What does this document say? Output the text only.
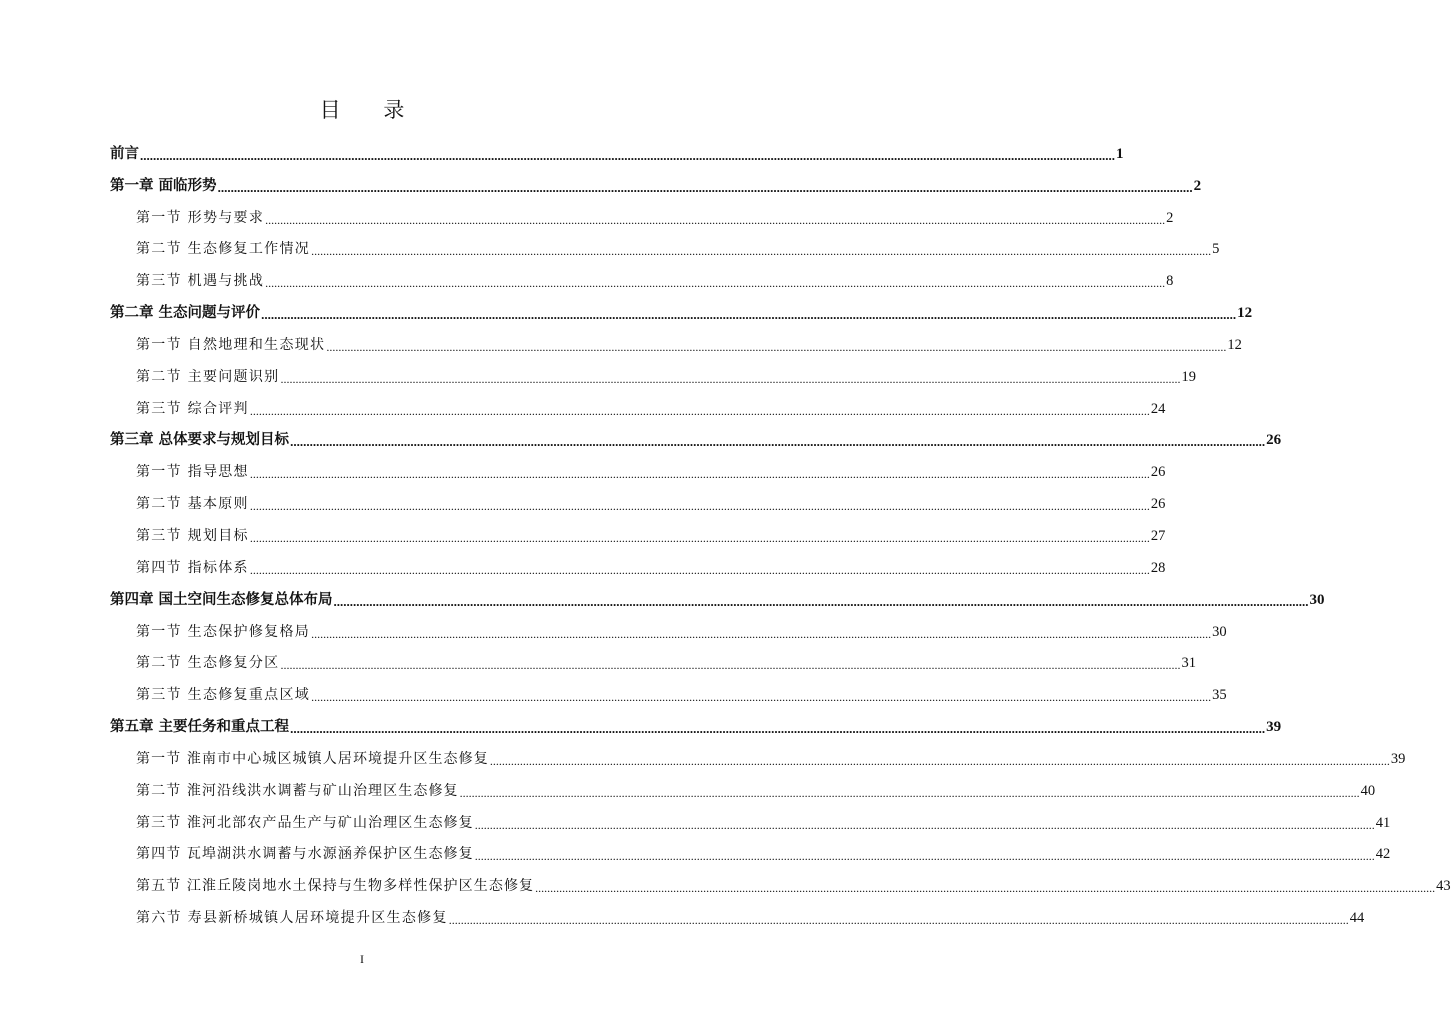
目 录
前言 ............................................................................................................................................................................................................................................................................................................ 1
第一章 面临形势 ............................................................................................................................................................................................................................................................................................................ 2
第一节 形势与要求 ............................................................................................................................................................................................................................................................................................................ 2
第二节 生态修复工作情况 ............................................................................................................................................................................................................................................................................................................ 5
第三节 机遇与挑战 ............................................................................................................................................................................................................................................................................................................ 8
第二章 生态问题与评价 ............................................................................................................................................................................................................................................................................................................ 12
第一节 自然地理和生态现状 ............................................................................................................................................................................................................................................................................................................ 12
第二节 主要问题识别 ............................................................................................................................................................................................................................................................................................................ 19
第三节 综合评判 ............................................................................................................................................................................................................................................................................................................ 24
第三章 总体要求与规划目标 ............................................................................................................................................................................................................................................................................................................ 26
第一节 指导思想 ............................................................................................................................................................................................................................................................................................................ 26
第二节 基本原则 ............................................................................................................................................................................................................................................................................................................ 26
第三节 规划目标 ............................................................................................................................................................................................................................................................................................................ 27
第四节 指标体系 ............................................................................................................................................................................................................................................................................................................ 28
第四章 国土空间生态修复总体布局 ............................................................................................................................................................................................................................................................................................................ 30
第一节 生态保护修复格局 ............................................................................................................................................................................................................................................................................................................ 30
第二节 生态修复分区 ............................................................................................................................................................................................................................................................................................................ 31
第三节 生态修复重点区域 ............................................................................................................................................................................................................................................................................................................ 35
第五章 主要任务和重点工程 ............................................................................................................................................................................................................................................................................................................ 39
第一节 淮南市中心城区城镇人居环境提升区生态修复 ............................................................................................................................................................................................................................................................................................................ 39
第二节 淮河沿线洪水调蓄与矿山治理区生态修复 ............................................................................................................................................................................................................................................................................................................ 40
第三节 淮河北部农产品生产与矿山治理区生态修复 ............................................................................................................................................................................................................................................................................................................ 41
第四节 瓦埠湖洪水调蓄与水源涵养保护区生态修复 ............................................................................................................................................................................................................................................................................................................ 42
第五节 江淮丘陵岗地水土保持与生物多样性保护区生态修复 ............................................................................................................................................................................................................................................................................................................ 43
第六节 寿县新桥城镇人居环境提升区生态修复 ............................................................................................................................................................................................................................................................................................................ 44
I
